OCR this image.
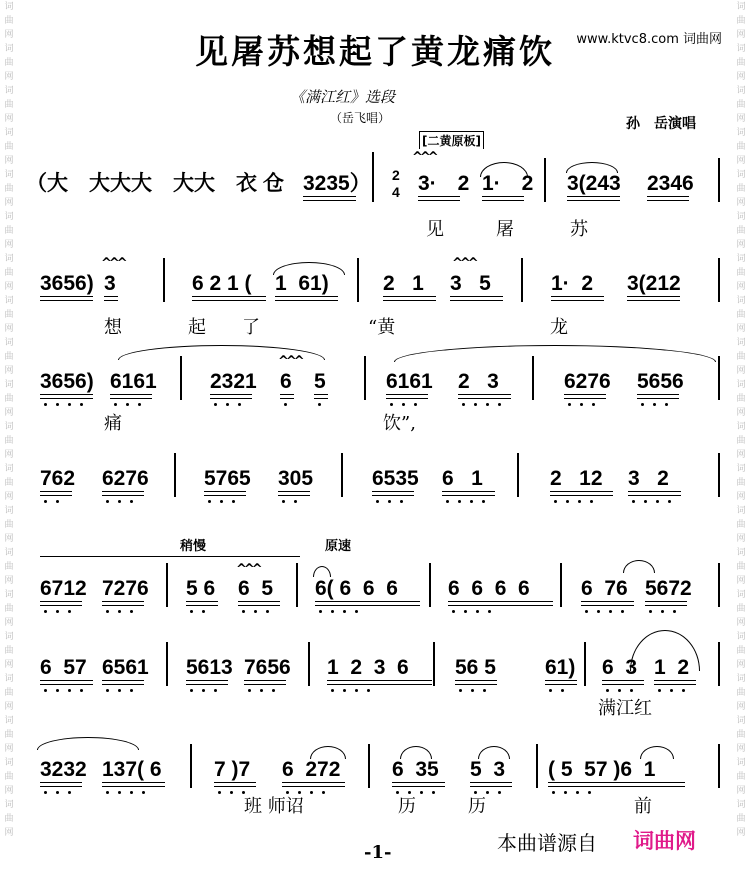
词曲网词曲网词曲网词曲网词曲网词曲网词曲网词曲网词曲网词曲网词曲网词曲网词曲网词曲网词曲网词曲网词曲网词曲网词曲网词曲网
词曲网词曲网词曲网词曲网词曲网词曲网词曲网词曲网词曲网词曲网词曲网词曲网词曲网词曲网词曲网词曲网词曲网词曲网词曲网词曲网
见屠苏想起了黄龙痛饮	www.ktvc8.com 词曲网
《满江红》选段
（岳飞唱）	孙　岳演唱
[二黄原板]
（大　大大大　大大　衣 仓 3235） 2
4 3·　2 1·　2 3(243 2346
见	屠	苏
3656) 3	6 2 1 ( 1  61)	2   1 3   5	1·  2 3(212
想	起 了	“黄	龙
3656) 6161	2321 6 5	6161 2   3	6276 5656
痛	饮”,
762 6276	5765 305	6535 6   1	2   12 3   2
6712 7276 5 6 6  5 6( 6  6  6 6  6  6  6 6  76 5672
稍慢	原速
6  57 6561 5613 7656 1  2  3  6 56 5 61) 6  3 1  2
满江红
3232 137( 6 7 )7 6  272 6  35 5  3 ( 5  57 )6  1
班 师诏	历	历	前
^^^
^^^	^^^
^^^
^^^
本曲谱源自 词曲网
-1-
